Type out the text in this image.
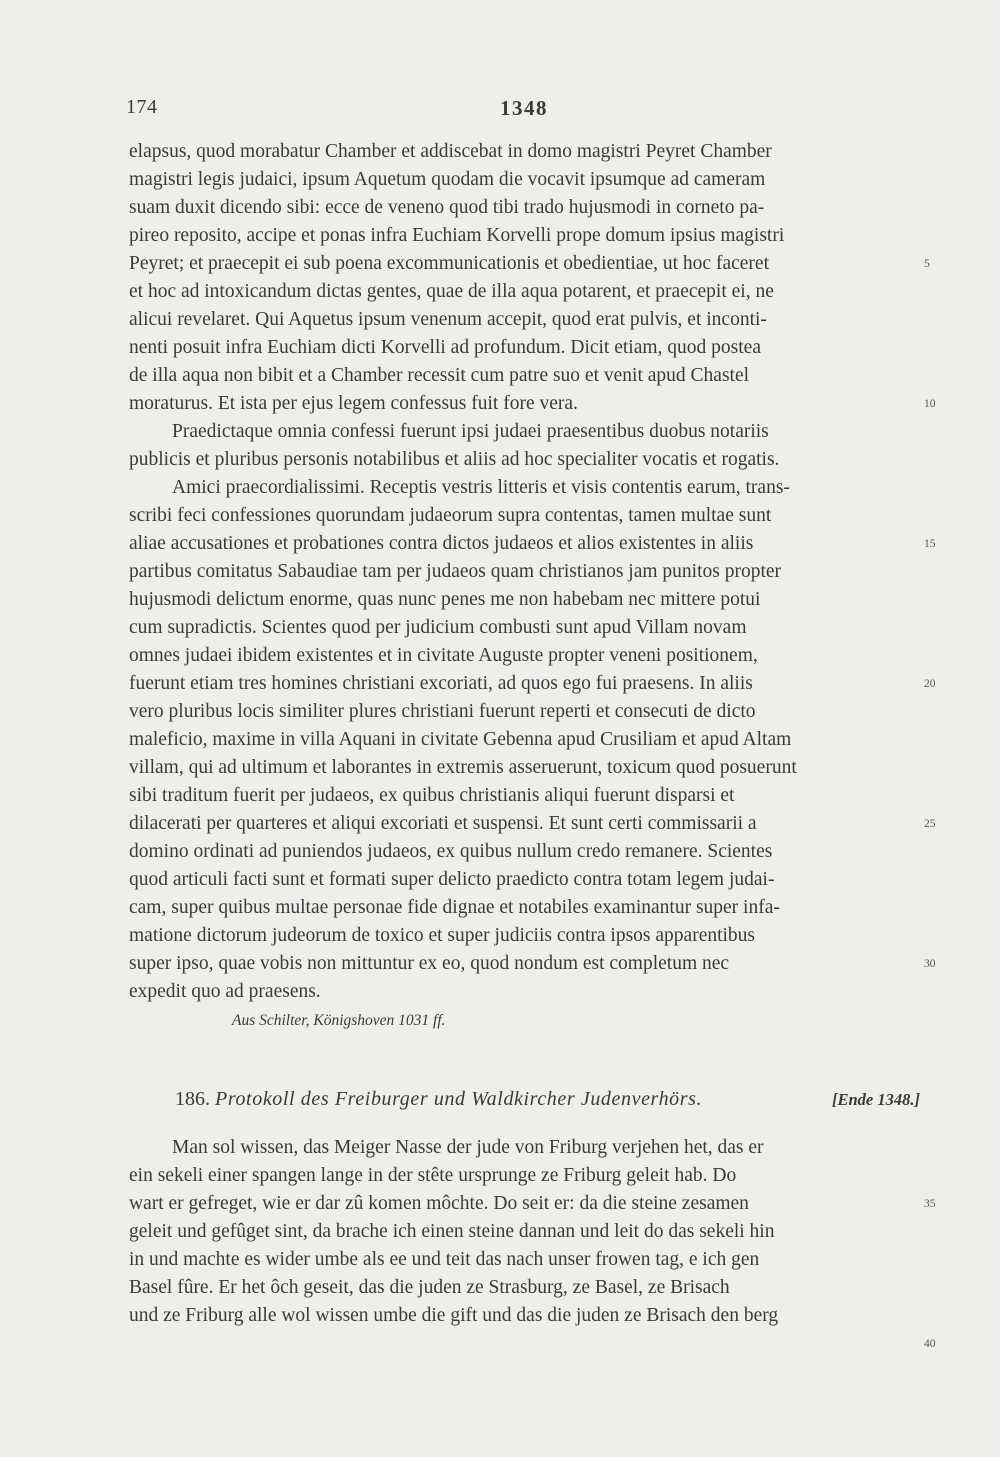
174	1348
elapsus, quod morabatur Chamber et addiscebat in domo magistri Peyret Chamber
magistri legis judaici, ipsum Aquetum quodam die vocavit ipsumque ad cameram
suam duxit dicendo sibi: ecce de veneno quod tibi trado hujusmodi in corneto pa-
pireo reposito, accipe et ponas infra Euchiam Korvelli prope domum ipsius magistri
Peyret; et praecepit ei sub poena excommunicationis et obedientiae, ut hoc faceret
et hoc ad intoxicandum dictas gentes, quae de illa aqua potarent, et praecepit ei, ne
alicui revelaret. Qui Aquetus ipsum venenum accepit, quod erat pulvis, et inconti-
nenti posuit infra Euchiam dicti Korvelli ad profundum. Dicit etiam, quod postea
de illa aqua non bibit et a Chamber recessit cum patre suo et venit apud Chastel
moraturus. Et ista per ejus legem confessus fuit fore vera.
Praedictaque omnia confessi fuerunt ipsi judaei praesentibus duobus notariis
publicis et pluribus personis notabilibus et aliis ad hoc specialiter vocatis et rogatis.
Amici praecordialissimi. Receptis vestris litteris et visis contentis earum, trans-
scribi feci confessiones quorundam judaeorum supra contentas, tamen multae sunt
aliae accusationes et probationes contra dictos judaeos et alios existentes in aliis
partibus comitatus Sabaudiae tam per judaeos quam christianos jam punitos propter
hujusmodi delictum enorme, quas nunc penes me non habebam nec mittere potui
cum supradictis. Scientes quod per judicium combusti sunt apud Villam novam
omnes judaei ibidem existentes et in civitate Auguste propter veneni positionem,
fuerunt etiam tres homines christiani excoriati, ad quos ego fui praesens. In aliis
vero pluribus locis similiter plures christiani fuerunt reperti et consecuti de dicto
maleficio, maxime in villa Aquani in civitate Gebenna apud Crusiliam et apud Altam
villam, qui ad ultimum et laborantes in extremis asseruerunt, toxicum quod posuerunt
sibi traditum fuerit per judaeos, ex quibus christianis aliqui fuerunt disparsi et
dilacerati per quarteres et aliqui excoriati et suspensi. Et sunt certi commissarii a
domino ordinati ad puniendos judaeos, ex quibus nullum credo remanere. Scientes
quod articuli facti sunt et formati super delicto praedicto contra totam legem judai-
cam, super quibus multae personae fide dignae et notabiles examinantur super infa-
matione dictorum judeorum de toxico et super judiciis contra ipsos apparentibus
super ipso, quae vobis non mittuntur ex eo, quod nondum est completum nec
expedit quo ad praesens.
5
10
15
20
25
30
35
40
Aus Schilter, Königshoven 1031 ff.
186. Protokoll des Freiburger und Waldkircher Judenverhörs.	[Ende 1348.]
Man sol wissen, das Meiger Nasse der jude von Friburg verjehen het, das er
ein sekeli einer spangen lange in der stête ursprunge ze Friburg geleit hab. Do
wart er gefreget, wie er dar zû komen môchte. Do seit er: da die steine zesamen
geleit und gefûget sint, da brache ich einen steine dannan und leit do das sekeli hin
in und machte es wider umbe als ee und teit das nach unser frowen tag, e ich gen
Basel fûre. Er het ôch geseit, das die juden ze Strasburg, ze Basel, ze Brisach
und ze Friburg alle wol wissen umbe die gift und das die juden ze Brisach den berg
